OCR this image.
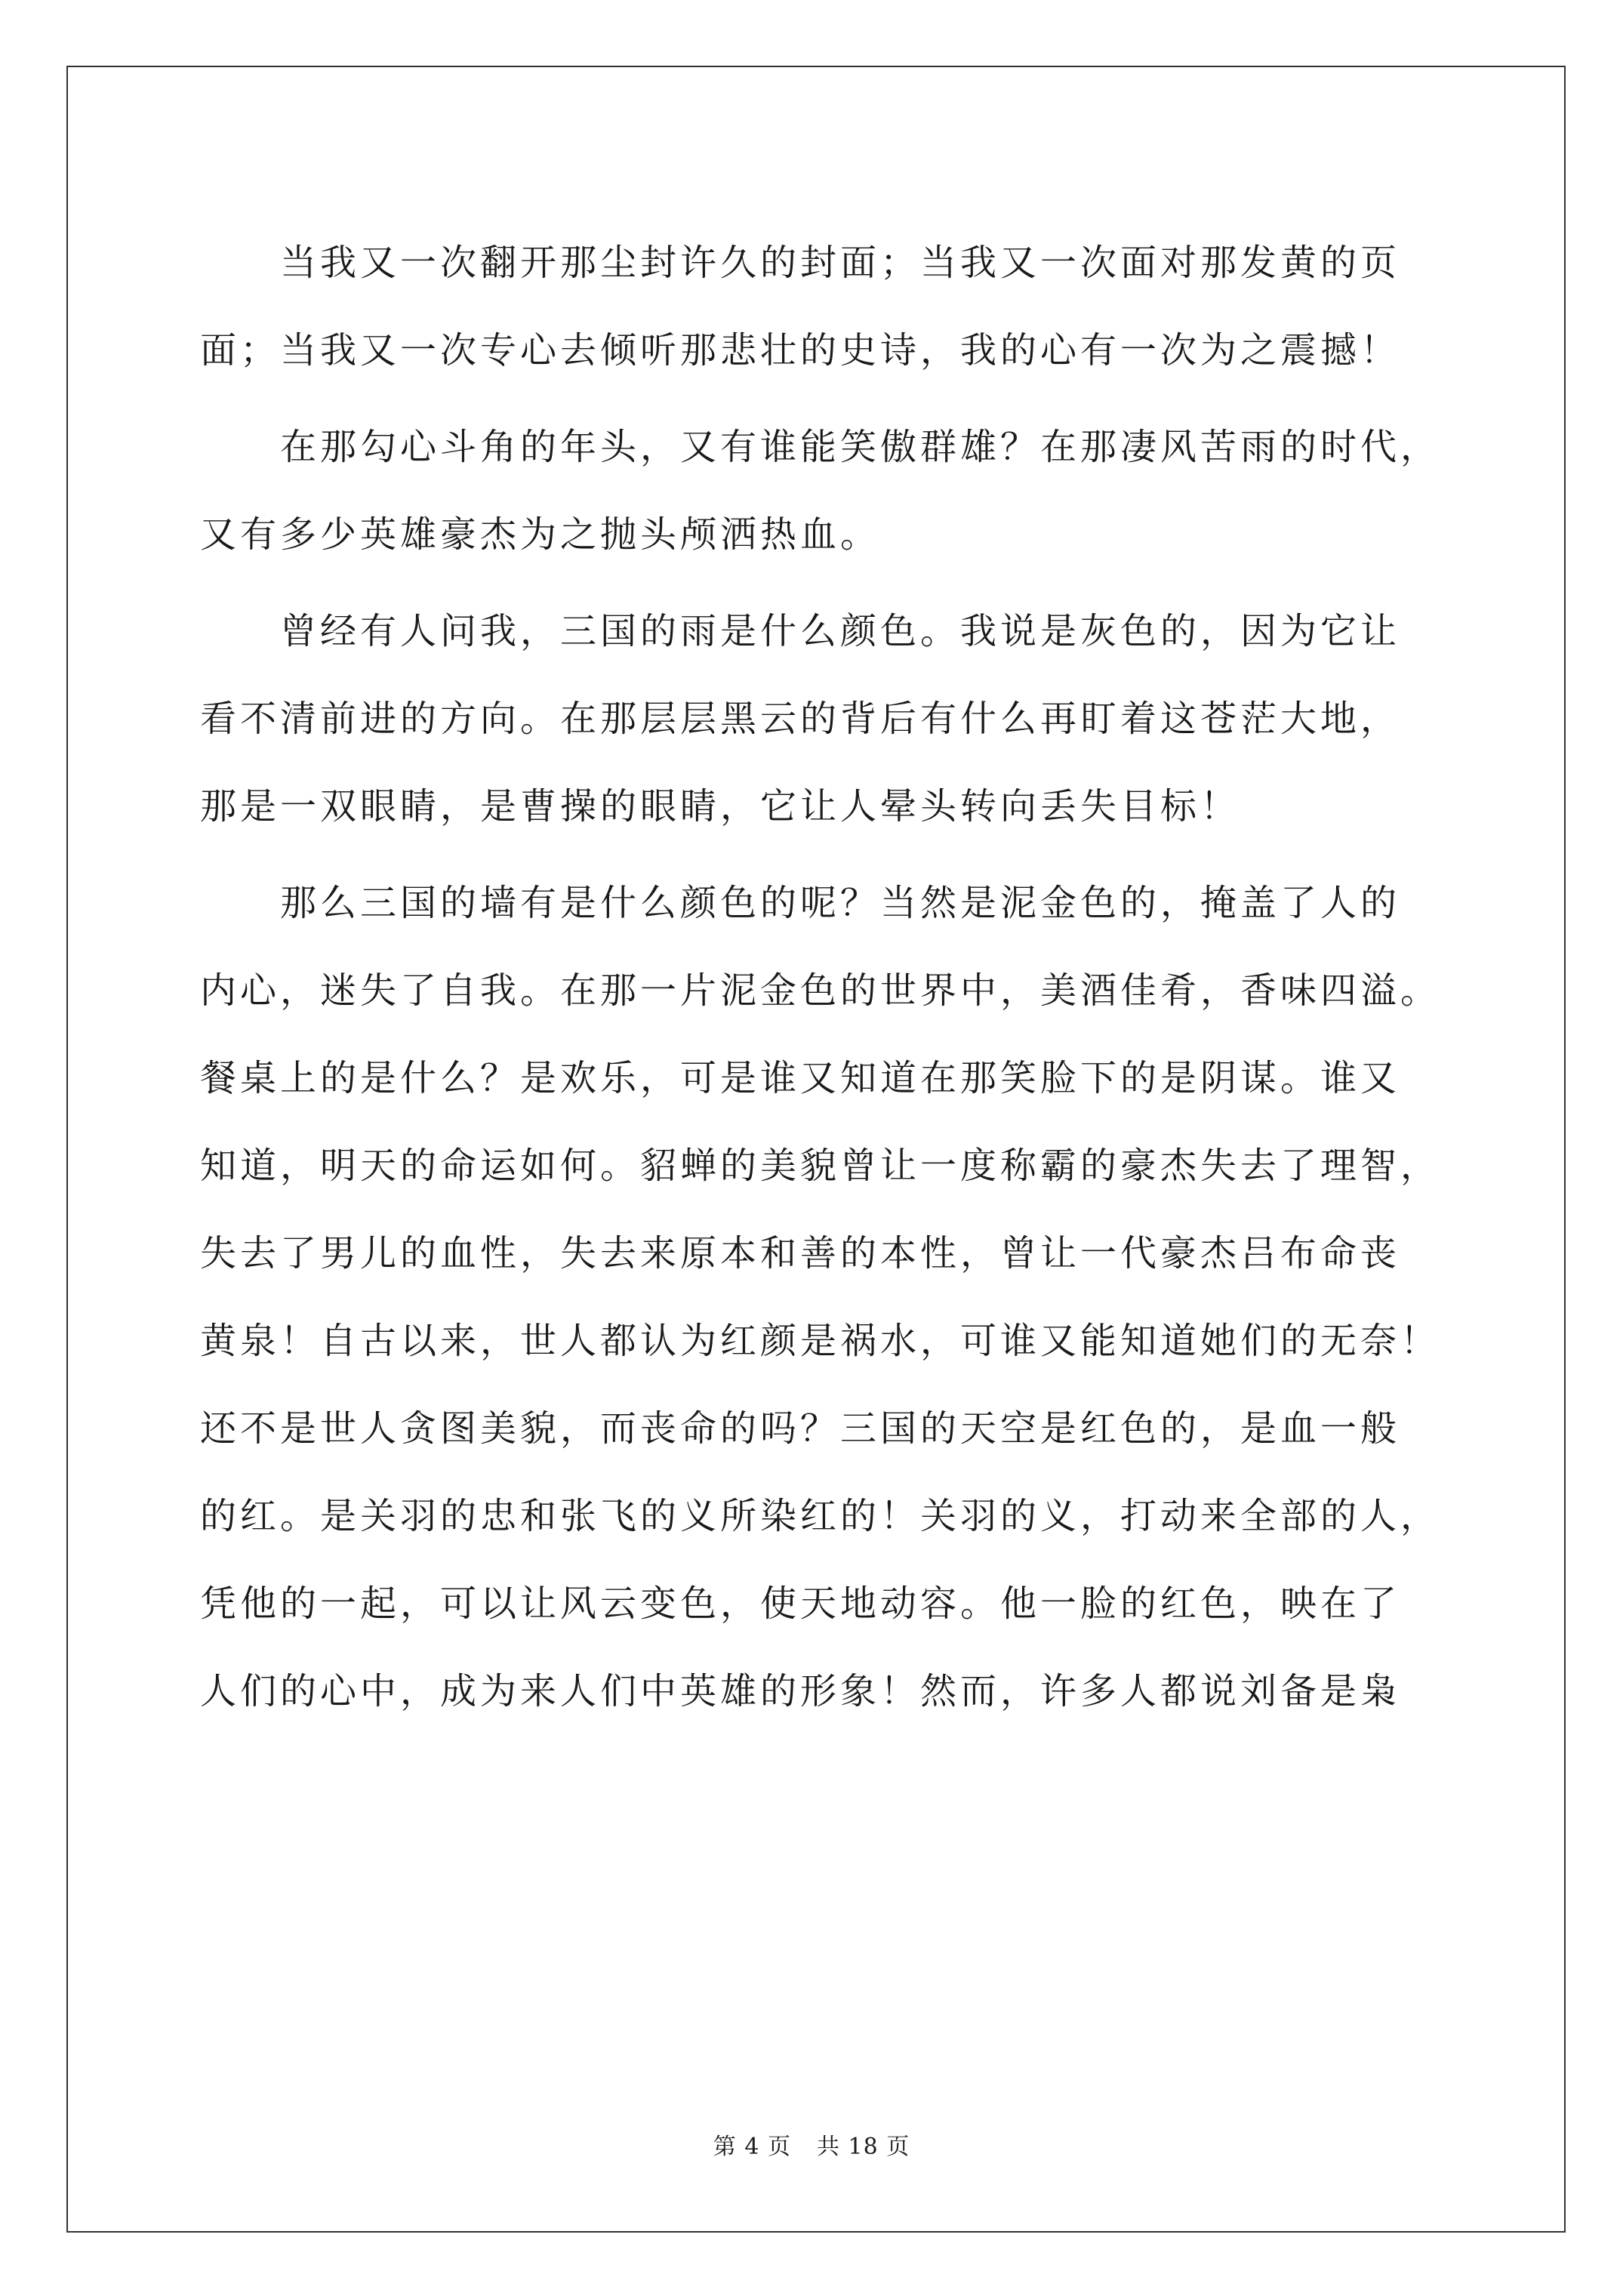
当我又一次翻开那尘封许久的封面；当我又一次面对那发黄的页
面；当我又一次专心去倾听那悲壮的史诗，我的心有一次为之震撼！
在那勾心斗角的年头，又有谁能笑傲群雄？在那凄风苦雨的时代，
又有多少英雄豪杰为之抛头颅洒热血。
曾经有人问我，三国的雨是什么颜色。我说是灰色的，因为它让
看不清前进的方向。在那层层黑云的背后有什么再盯着这苍茫大地，
那是一双眼睛，是曹操的眼睛，它让人晕头转向丢失目标！
那么三国的墙有是什么颜色的呢？当然是泥金色的，掩盖了人的
内心，迷失了自我。在那一片泥金色的世界中，美酒佳肴，香味四溢。
餐桌上的是什么？是欢乐，可是谁又知道在那笑脸下的是阴谋。谁又
知道，明天的命运如何。貂蝉的美貌曾让一度称霸的豪杰失去了理智，
失去了男儿的血性，失去来原本和善的本性，曾让一代豪杰吕布命丧
黄泉！自古以来，世人都认为红颜是祸水，可谁又能知道她们的无奈！
还不是世人贪图美貌，而丧命的吗？三国的天空是红色的，是血一般
的红。是关羽的忠和张飞的义所染红的！关羽的义，打动来全部的人，
凭他的一起，可以让风云变色，使天地动容。他一脸的红色，映在了
人们的心中，成为来人们中英雄的形象！然而，许多人都说刘备是枭
第 4 页 共 18 页
